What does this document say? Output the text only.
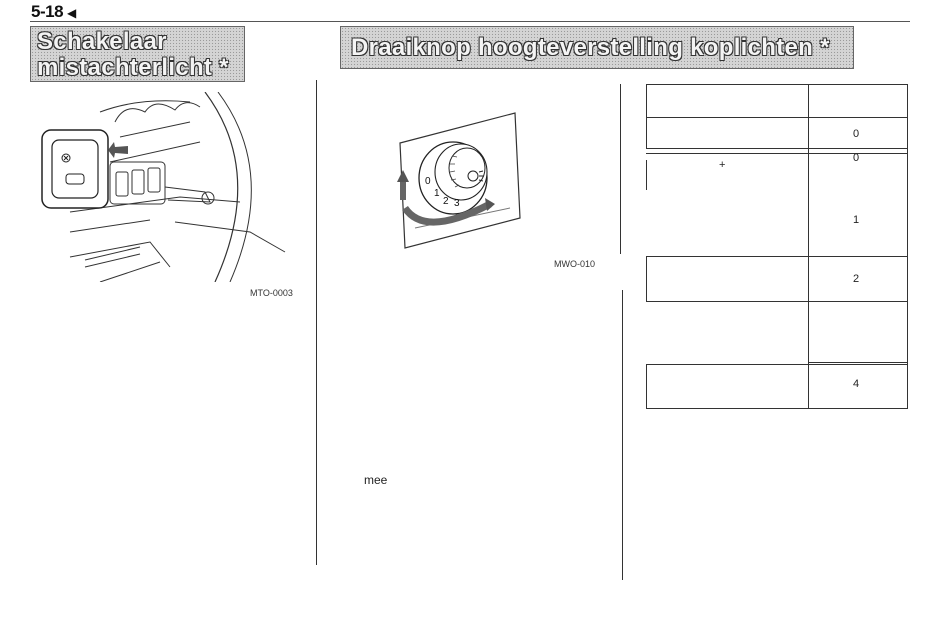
5-18 ◀
Schakelaar
mistachterlicht *
MTO-0003
Draaiknop hoogteverstelling koplichten *
0
1
2 3
MWO-010
mee
0
+
0
1
2
4
